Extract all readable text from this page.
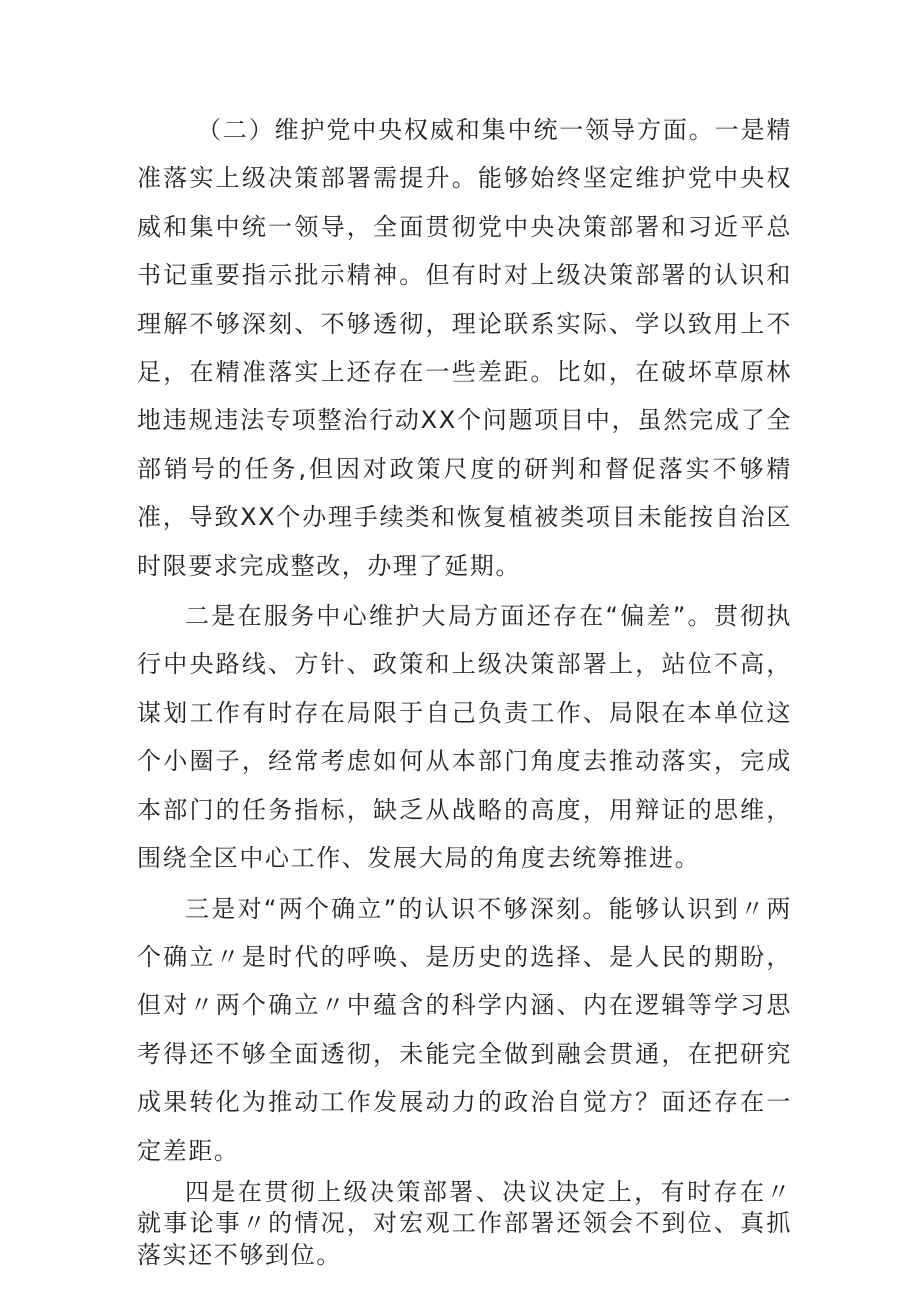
（二）维护党中央权威和集中统一领导方面。一是精准落实上级决策部署需提升。能够始终坚定维护党中央权威和集中统一领导，全面贯彻党中央决策部署和习近平总书记重要指示批示精神。但有时对上级决策部署的认识和理解不够深刻、不够透彻，理论联系实际、学以致用上不足，在精准落实上还存在一些差距。比如，在破坏草原林地违规违法专项整治行动XX个问题项目中，虽然完成了全部销号的任务,但因对政策尺度的研判和督促落实不够精准，导致XX个办理手续类和恢复植被类项目未能按自治区时限要求完成整改，办理了延期。

二是在服务中心维护大局方面还存在“偏差”。贯彻执行中央路线、方针、政策和上级决策部署上，站位不高，谋划工作有时存在局限于自己负责工作、局限在本单位这个小圈子，经常考虑如何从本部门角度去推动落实，完成本部门的任务指标，缺乏从战略的高度，用辩证的思维，围绕全区中心工作、发展大局的角度去统筹推进。

三是对“两个确立”的认识不够深刻。能够认识到〃两个确立〃是时代的呼唤、是历史的选择、是人民的期盼，但对〃两个确立〃中蕴含的科学内涵、内在逻辑等学习思考得还不够全面透彻，未能完全做到融会贯通，在把研究成果转化为推动工作发展动力的政治自觉方？面还存在一定差距。

四是在贯彻上级决策部署、决议决定上，有时存在〃就事论事〃的情况，对宏观工作部署还领会不到位、真抓落实还不够到位。
